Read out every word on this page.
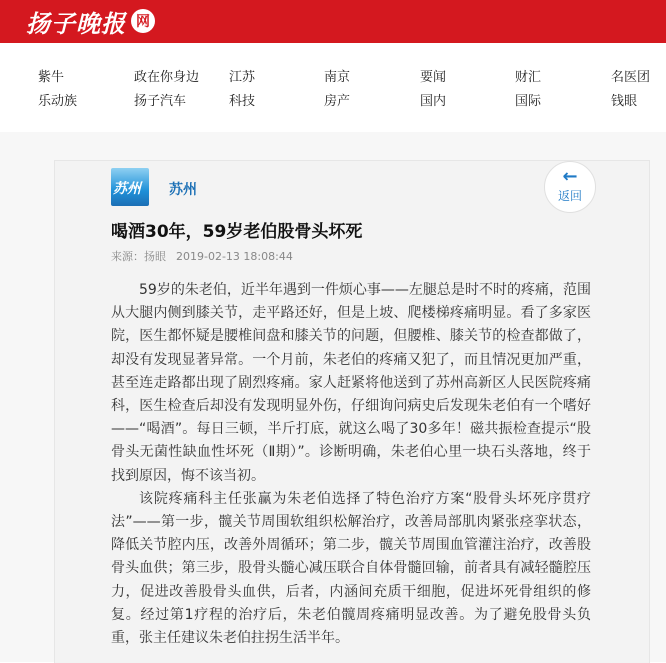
扬子晚报 网
紫牛
乐动族
政在你身边
扬子汽车
江苏
科技
南京
房产
要闻
国内
财汇
国际
名医团
钱眼
苏州 苏州
←
返回
喝酒30年，59岁老伯股骨头坏死
来源：扬眼 2019-02-13 18:08:44

59岁的朱老伯，近半年遇到一件烦心事——左腿总是时不时的疼痛，范围从大腿内侧到膝关节，走平路还好，但是上坡、爬楼梯疼痛明显。看了多家医院，医生都怀疑是腰椎间盘和膝关节的问题，但腰椎、膝关节的检查都做了，却没有发现显著异常。一个月前，朱老伯的疼痛又犯了，而且情况更加严重，甚至连走路都出现了剧烈疼痛。家人赶紧将他送到了苏州高新区人民医院疼痛科，医生检查后却没有发现明显外伤，仔细询问病史后发现朱老伯有一个嗜好——“喝酒”。每日三顿，半斤打底，就这么喝了30多年！磁共振检查提示“股骨头无菌性缺血性坏死（Ⅱ期）”。诊断明确，朱老伯心里一块石头落地，终于找到原因，悔不该当初。

该院疼痛科主任张赢为朱老伯选择了特色治疗方案“股骨头坏死序贯疗法”——第一步，髋关节周围软组织松解治疗，改善局部肌肉紧张痉挛状态，降低关节腔内压，改善外周循环；第二步，髋关节周围血管灌注治疗，改善股骨头血供；第三步，股骨头髓心减压联合自体骨髓回输，前者具有减轻髓腔压力，促进改善股骨头血供，后者，内涵间充质干细胞，促进坏死骨组织的修复。经过第1疗程的治疗后，朱老伯髋周疼痛明显改善。为了避免股骨头负重，张主任建议朱老伯拄拐生活半年。
